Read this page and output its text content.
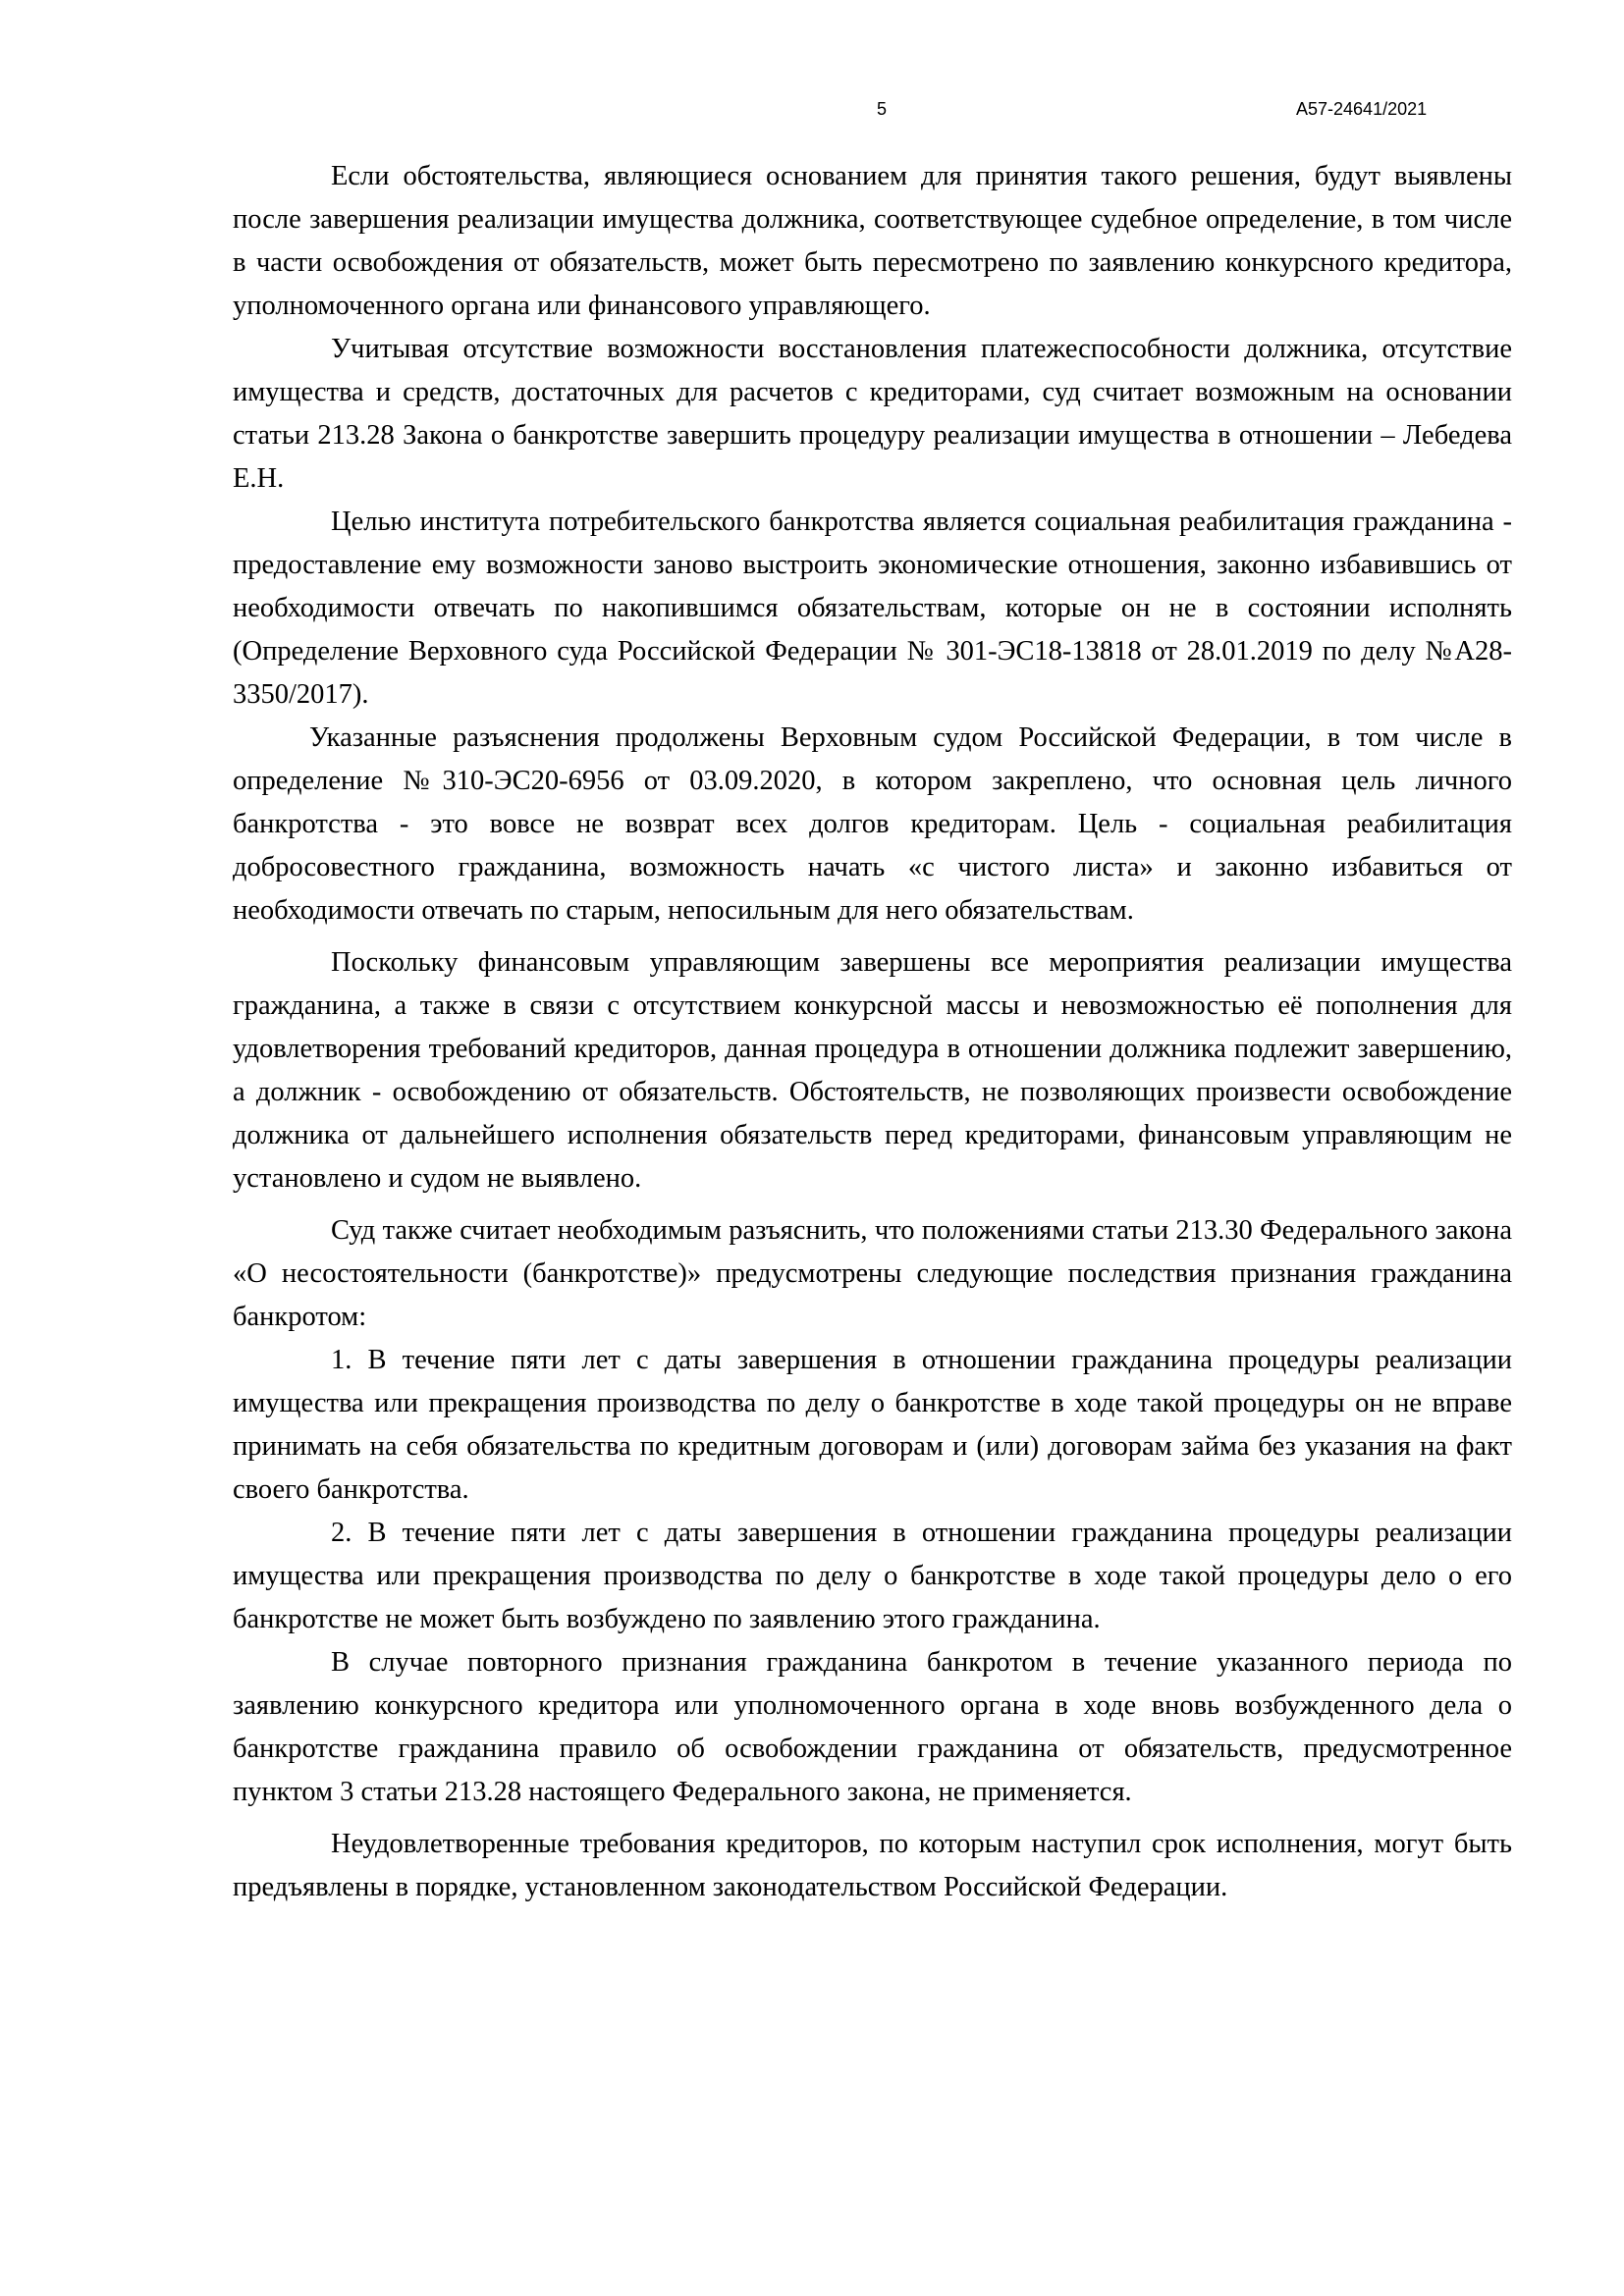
5	А57-24641/2021

Если обстоятельства, являющиеся основанием для принятия такого решения, будут выявлены после завершения реализации имущества должника, соответствующее судебное определение, в том числе в части освобождения от обязательств, может быть пересмотрено по заявлению конкурсного кредитора, уполномоченного органа или финансового управляющего.

Учитывая отсутствие возможности восстановления платежеспособности должника, отсутствие имущества и средств, достаточных для расчетов с кредиторами, суд считает возможным на основании статьи 213.28 Закона о банкротстве завершить процедуру реализации имущества в отношении – Лебедева Е.Н.

Целью института потребительского банкротства является социальная реабилитация гражданина - предоставление ему возможности заново выстроить экономические отношения, законно избавившись от необходимости отвечать по накопившимся обязательствам, которые он не в состоянии исполнять (Определение Верховного суда Российской Федерации № 301-ЭС18-13818 от 28.01.2019 по делу №А28-3350/2017).

Указанные разъяснения продолжены Верховным судом Российской Федерации, в том числе в определение №310-ЭС20-6956 от 03.09.2020, в котором закреплено, что основная цель личного банкротства - это вовсе не возврат всех долгов кредиторам. Цель - социальная реабилитация добросовестного гражданина, возможность начать «с чистого листа» и законно избавиться от необходимости отвечать по старым, непосильным для него обязательствам.

Поскольку финансовым управляющим завершены все мероприятия реализации имущества гражданина, а также в связи с отсутствием конкурсной массы и невозможностью её пополнения для удовлетворения требований кредиторов, данная процедура в отношении должника подлежит завершению, а должник - освобождению от обязательств. Обстоятельств, не позволяющих произвести освобождение должника от дальнейшего исполнения обязательств перед кредиторами, финансовым управляющим не установлено и судом не выявлено.

Суд также считает необходимым разъяснить, что положениями статьи 213.30 Федерального закона «О несостоятельности (банкротстве)» предусмотрены следующие последствия признания гражданина банкротом:

1. В течение пяти лет с даты завершения в отношении гражданина процедуры реализации имущества или прекращения производства по делу о банкротстве в ходе такой процедуры он не вправе принимать на себя обязательства по кредитным договорам и (или) договорам займа без указания на факт своего банкротства.

2. В течение пяти лет с даты завершения в отношении гражданина процедуры реализации имущества или прекращения производства по делу о банкротстве в ходе такой процедуры дело о его банкротстве не может быть возбуждено по заявлению этого гражданина.

В случае повторного признания гражданина банкротом в течение указанного периода по заявлению конкурсного кредитора или уполномоченного органа в ходе вновь возбужденного дела о банкротстве гражданина правило об освобождении гражданина от обязательств, предусмотренное пунктом 3 статьи 213.28 настоящего Федерального закона, не применяется.

Неудовлетворенные требования кредиторов, по которым наступил срок исполнения, могут быть предъявлены в порядке, установленном законодательством Российской Федерации.
